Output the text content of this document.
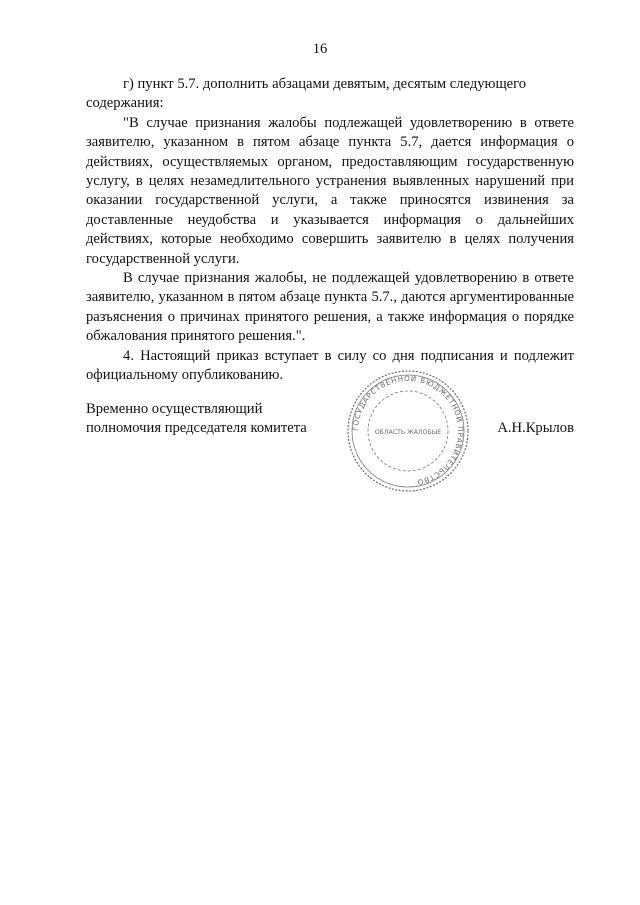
16

г) пункт 5.7. дополнить абзацами девятым, десятым следующего

содержания:

"В случае признания жалобы подлежащей удовлетворению в ответе заявителю, указанном в пятом абзаце пункта 5.7, дается информация о действиях, осуществляемых органом, предоставляющим государственную услугу, в целях незамедлительного устранения выявленных нарушений при оказании государственной услуги, а также приносятся извинения за доставленные неудобства и указывается информация о дальнейших действиях, которые необходимо совершить заявителю в целях получения государственной услуги.

В случае признания жалобы, не подлежащей удовлетворению в ответе заявителю, указанном в пятом абзаце пункта 5.7., даются аргументированные разъяснения о причинах принятого решения, а также информация о порядке обжалования принятого решения.".

4. Настоящий приказ вступает в силу со дня подписания и подлежит официальному опубликованию.

Временно осуществляющий
полномочия председателя комитета	ГОСУДАРСТВЕННОЙ БЮДЖЕТНОЙ ПРАВИТЕЛЬСТВО
ОБЛАСТЬ ЖАЛОБЫЕ	А.Н.Крылов
